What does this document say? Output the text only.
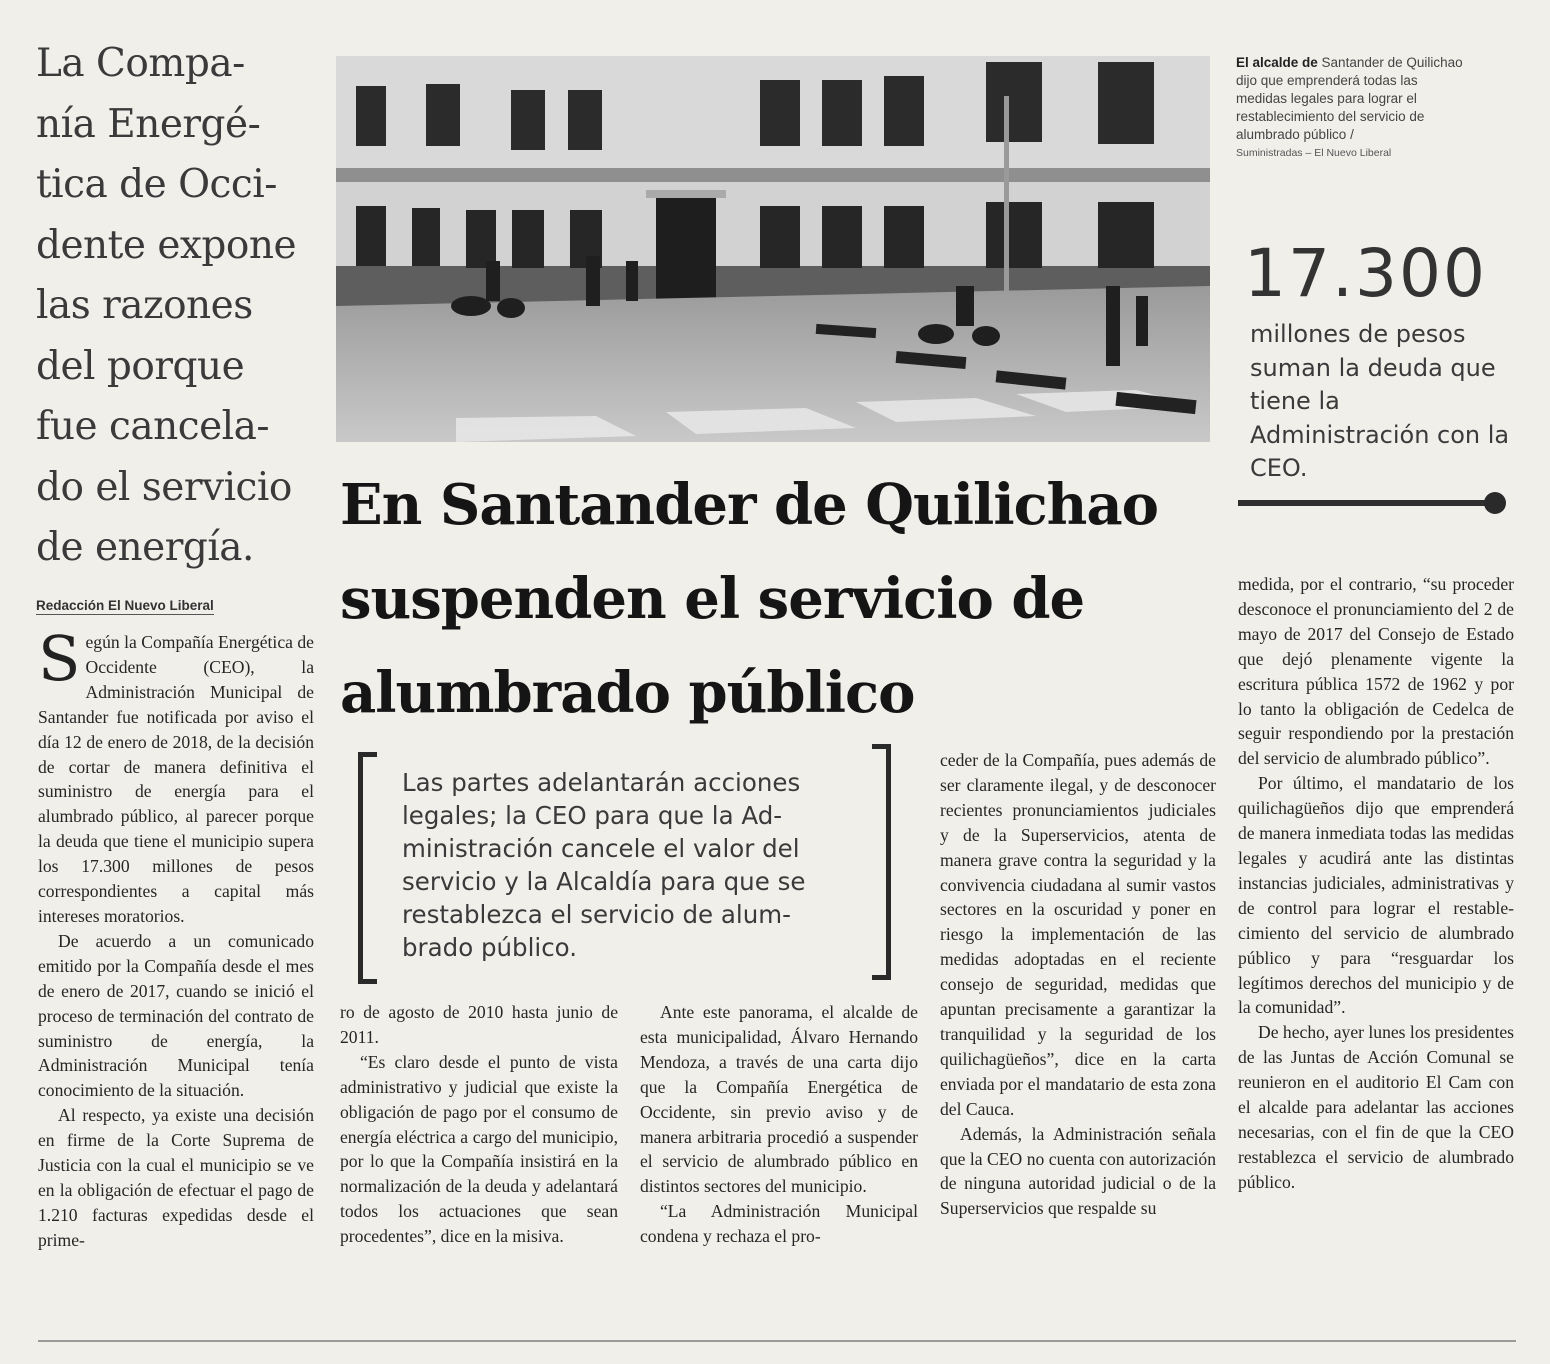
La Compa-
nía Energé-
tica de Occi-
dente expone
las razones
del porque
fue cancela-
do el servicio
de energía.
Redacción El Nuevo Liberal

Según la Compañía Energética de Occidente (CEO), la Administración Municipal de Santander fue notificada por aviso el día 12 de enero de 2018, de la decisión de cortar de manera definitiva el suministro de energía para el alumbrado público, al parecer porque la deuda que tiene el municipio supera los 17.300 millones de pesos correspondientes a capital más intereses moratorios.

De acuerdo a un comunicado emitido por la Compañía desde el mes de enero de 2017, cuando se inició el proceso de terminación del contrato de suministro de energía, la Administración Municipal tenía conocimiento de la situación.

Al respecto, ya existe una decisión en firme de la Corte Suprema de Justicia con la cual el municipio se ve en la obligación de efectuar el pago de 1.210 facturas expedidas desde el prime-

El alcalde de Santander de Quilichao dijo que emprenderá todas las medidas legales para lograr el restablecimiento del servicio de alumbrado público /
Suministradas – El Nuevo Liberal
17.300
millones de pesos suman la deuda que tiene la Administración con la CEO.
En Santander de Quilichao
suspenden el servicio de
alumbrado público
Las partes adelantarán acciones
legales; la CEO para que la Ad-
ministración cancele el valor del
servicio y la Alcaldía para que se
restablezca el servicio de alum-
brado público.

ro de agosto de 2010 hasta junio de 2011.

“Es claro desde el punto de vista administrativo y judicial que existe la obligación de pago por el consumo de energía eléctrica a cargo del municipio, por lo que la Compañía insistirá en la normalización de la deuda y adelantará todos los actuaciones que sean procedentes”, dice en la misiva.

Ante este panorama, el alcalde de esta municipalidad, Álvaro Hernando Mendoza, a través de una carta dijo que la Compañía Energética de Occidente, sin previo aviso y de manera arbitraria procedió a suspender el servicio de alumbrado público en distintos sectores del municipio.

“La Administración Municipal condena y rechaza el pro-

ceder de la Compañía, pues además de ser claramente ilegal, y de desconocer recientes pronunciamientos judiciales y de la Superservicios, atenta de manera grave contra la seguridad y la convivencia ciudadana al sumir vastos sectores en la oscuridad y poner en riesgo la implementación de las medidas adoptadas en el reciente consejo de seguridad, medidas que apuntan precisamente a garantizar la tranquilidad y la seguridad de los quilichagüeños”, dice en la carta enviada por el mandatario de esta zona del Cauca.

Además, la Administración señala que la CEO no cuenta con autorización de ninguna autoridad judicial o de la Superservicios que respalde su

medida, por el contrario, “su proceder desconoce el pronunciamiento del 2 de mayo de 2017 del Consejo de Estado que dejó plenamente vigente la escritura pública 1572 de 1962 y por lo tanto la obligación de Cedelca de seguir respondiendo por la prestación del servicio de alumbrado público”.

Por último, el mandatario de los quilichagüeños dijo que emprenderá de manera inmediata todas las medidas legales y acudirá ante las distintas instancias judiciales, administrativas y de control para lograr el restablecimiento del servicio de alumbrado público y para “resguardar los legítimos derechos del municipio y de la comunidad”.

De hecho, ayer lunes los presidentes de las Juntas de Acción Comunal se reunieron en el auditorio El Cam con el alcalde para adelantar las acciones necesarias, con el fin de que la CEO restablezca el servicio de alumbrado público.
